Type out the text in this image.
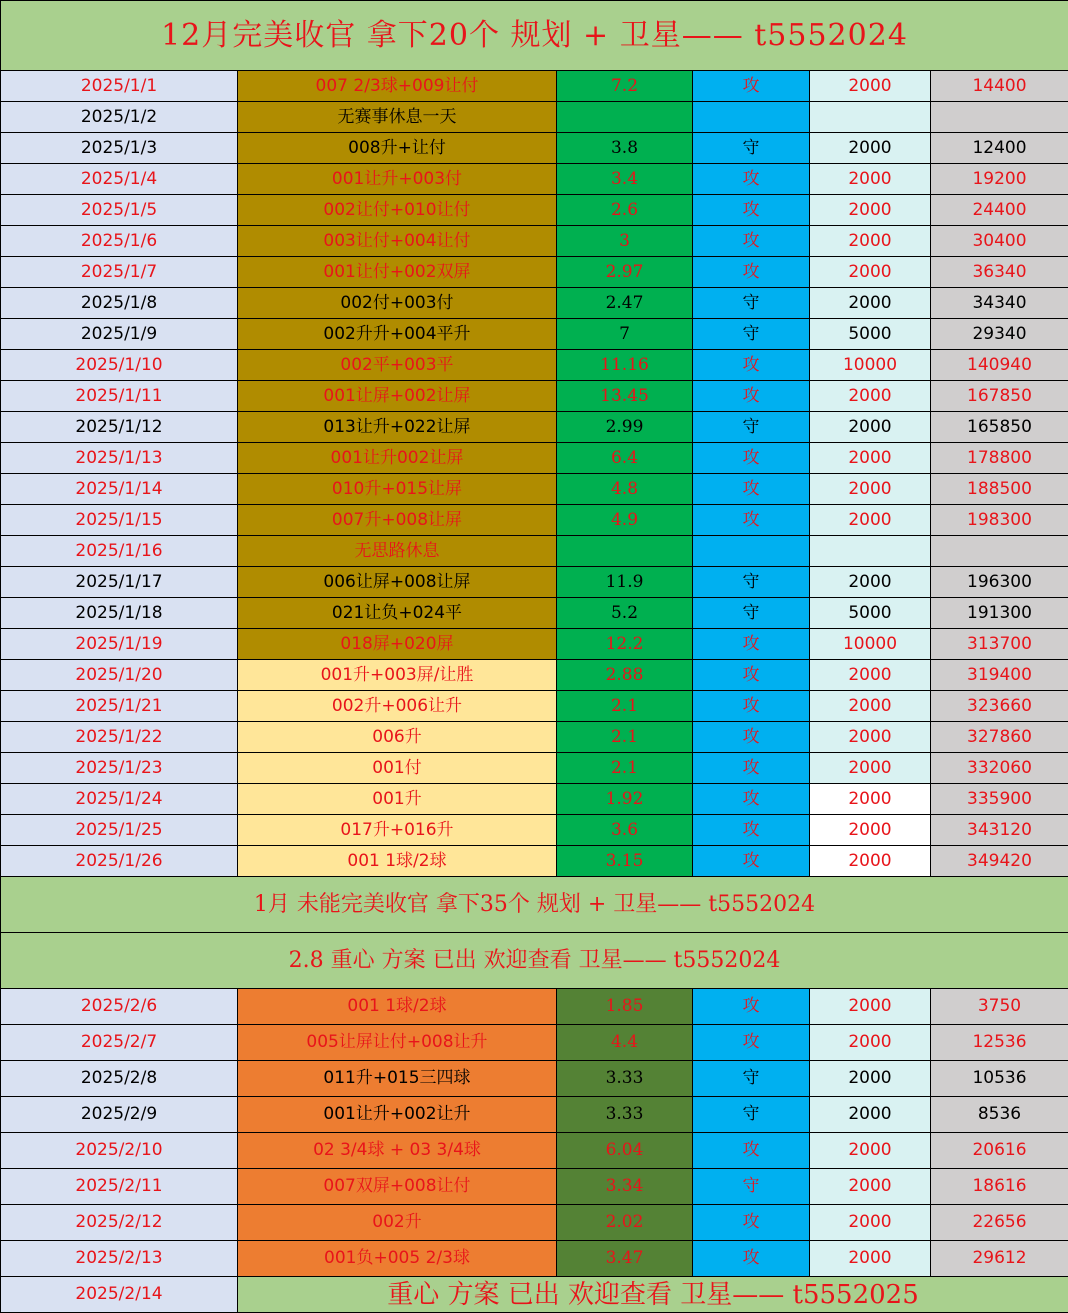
12月完美收官 拿下20个 规划 + 卫星—— t5552024					
2025/1/1	007 2/3球+009让付	7.2	攻	2000	14400
2025/1/2	无赛事休息一天				
2025/1/3	008升+让付	3.8	守	2000	12400
2025/1/4	001让升+003付	3.4	攻	2000	19200
2025/1/5	002让付+010让付	2.6	攻	2000	24400
2025/1/6	003让付+004让付	3	攻	2000	30400
2025/1/7	001让付+002双屏	2.97	攻	2000	36340
2025/1/8	002付+003付	2.47	守	2000	34340
2025/1/9	002升升+004平升	7	守	5000	29340
2025/1/10	002平+003平	11.16	攻	10000	140940
2025/1/11	001让屏+002让屏	13.45	攻	2000	167850
2025/1/12	013让升+022让屏	2.99	守	2000	165850
2025/1/13	001让升002让屏	6.4	攻	2000	178800
2025/1/14	010升+015让屏	4.8	攻	2000	188500
2025/1/15	007升+008让屏	4.9	攻	2000	198300
2025/1/16	无思路休息				
2025/1/17	006让屏+008让屏	11.9	守	2000	196300
2025/1/18	021让负+024平	5.2	守	5000	191300
2025/1/19	018屏+020屏	12.2	攻	10000	313700
2025/1/20	001升+003屏/让胜	2.88	攻	2000	319400
2025/1/21	002升+006让升	2.1	攻	2000	323660
2025/1/22	006升	2.1	攻	2000	327860
2025/1/23	001付	2.1	攻	2000	332060
2025/1/24	001升	1.92	攻	2000	335900
2025/1/25	017升+016升	3.6	攻	2000	343120
2025/1/26	001 1球/2球	3.15	攻	2000	349420
1月 未能完美收官 拿下35个 规划 + 卫星—— t5552024					
2.8 重心 方案 已出 欢迎查看 卫星—— t5552024					
2025/2/6	001 1球/2球	1.85	攻	2000	3750
2025/2/7	005让屏让付+008让升	4.4	攻	2000	12536
2025/2/8	011升+015三四球	3.33	守	2000	10536
2025/2/9	001让升+002让升	3.33	守	2000	8536
2025/2/10	02 3/4球 + 03 3/4球	6.04	攻	2000	20616
2025/2/11	007双屏+008让付	3.34	守	2000	18616
2025/2/12	002升	2.02	攻	2000	22656
2025/2/13	001负+005 2/3球	3.47	攻	2000	29612
2025/2/14	重心 方案 已出 欢迎查看 卫星—— t5552025				
